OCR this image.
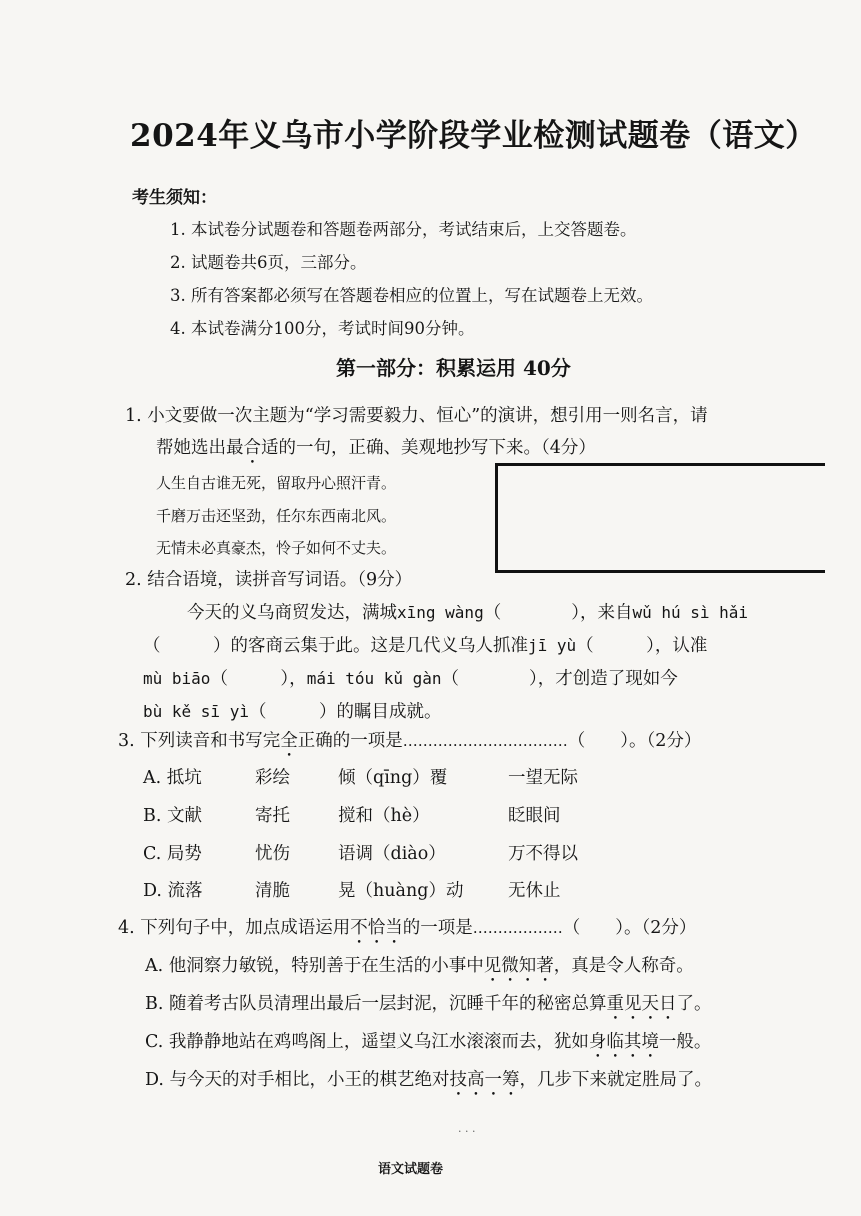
2024年义乌市小学阶段学业检测试题卷（语文）
考生须知：
1. 本试卷分试题卷和答题卷两部分，考试结束后，上交答题卷。
2. 试题卷共6页，三部分。
3. 所有答案都必须写在答题卷相应的位置上，写在试题卷上无效。
4. 本试卷满分100分，考试时间90分钟。
第一部分：积累运用 40分
1. 小文要做一次主题为“学习需要毅力、恒心”的演讲，想引用一则名言，请
帮她选出最合适的一句，正确、美观地抄写下来。（4分）
人生自古谁无死，留取丹心照汗青。
千磨万击还坚劲，任尔东西南北风。
无情未必真豪杰，怜子如何不丈夫。
2. 结合语境，读拼音写词语。（9分）
今天的义乌商贸发达，满城xīng wàng（　　　　），来自wǔ hú sì hǎi
（　　　）的客商云集于此。这是几代义乌人抓准jī yù（　　　），认准
mù biāo（　　　），mái tóu kǔ gàn（　　　　），才创造了现如今
bù kě sī yì（　　　）的瞩目成就。
3. 下列读音和书写完全正确的一项是……………………………（　　）。（2分）
A. 抵坑	彩绘	倾（qīng）覆	一望无际
B. 文献	寄托	搅和（hè）	眨眼间
C. 局势	忧伤	语调（diào）	万不得以
D. 流落	清脆	晃（huàng）动	无休止
4. 下列句子中，加点成语运用不恰当的一项是………………（　　）。（2分）
A. 他洞察力敏锐，特别善于在生活的小事中见微知著，真是令人称奇。
B. 随着考古队员清理出最后一层封泥，沉睡千年的秘密总算重见天日了。
C. 我静静地站在鸡鸣阁上，遥望义乌江水滚滚而去，犹如身临其境一般。
D. 与今天的对手相比，小王的棋艺绝对技高一筹，几步下来就定胜局了。
· · ·
语文试题卷
